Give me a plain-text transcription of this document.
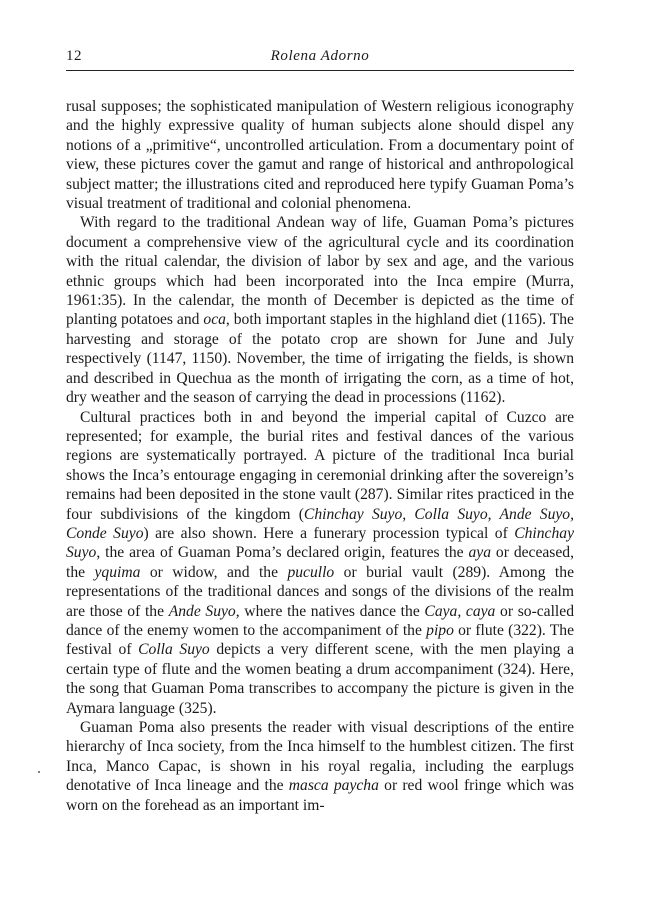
12	Rolena Adorno

rusal supposes; the sophisticated manipulation of Western religious iconography and the highly expressive quality of human subjects alone should dispel any notions of a „primitive“, uncontrolled articulation. From a documentary point of view, these pictures cover the gamut and range of historical and anthropological subject matter; the illustrations cited and reproduced here typify Guaman Poma’s visual treatment of traditional and colonial phenomena.

With regard to the traditional Andean way of life, Guaman Poma’s pictures document a comprehensive view of the agricultural cycle and its coordination with the ritual calendar, the division of labor by sex and age, and the various ethnic groups which had been incorporated into the Inca empire (Murra, 1961:35). In the calendar, the month of December is depicted as the time of planting potatoes and oca, both important staples in the highland diet (1165). The harvesting and storage of the potato crop are shown for June and July respectively (1147, 1150). November, the time of irrigating the fields, is shown and described in Quechua as the month of irrigating the corn, as a time of hot, dry weather and the season of carrying the dead in processions (1162).

Cultural practices both in and beyond the imperial capital of Cuzco are represented; for example, the burial rites and festival dances of the various regions are systematically portrayed. A picture of the traditional Inca burial shows the Inca’s entourage engaging in ceremonial drinking after the sovereign’s remains had been deposited in the stone vault (287). Similar rites practiced in the four subdivisions of the kingdom (Chinchay Suyo, Colla Suyo, Ande Suyo, Conde Suyo) are also shown. Here a funerary procession typical of Chinchay Suyo, the area of Guaman Poma’s declared origin, features the aya or deceased, the yquima or widow, and the pucullo or burial vault (289). Among the representations of the traditional dances and songs of the divisions of the realm are those of the Ande Suyo, where the natives dance the Caya, caya or so-called dance of the enemy women to the accompaniment of the pipo or flute (322). The festival of Colla Suyo depicts a very different scene, with the men playing a certain type of flute and the women beating a drum accompaniment (324). Here, the song that Guaman Poma transcribes to accompany the picture is given in the Aymara language (325).

Guaman Poma also presents the reader with visual descriptions of the entire hierarchy of Inca society, from the Inca himself to the humblest citizen. The first Inca, Manco Capac, is shown in his royal regalia, including the earplugs denotative of Inca lineage and the masca paycha or red wool fringe which was worn on the forehead as an important im-
